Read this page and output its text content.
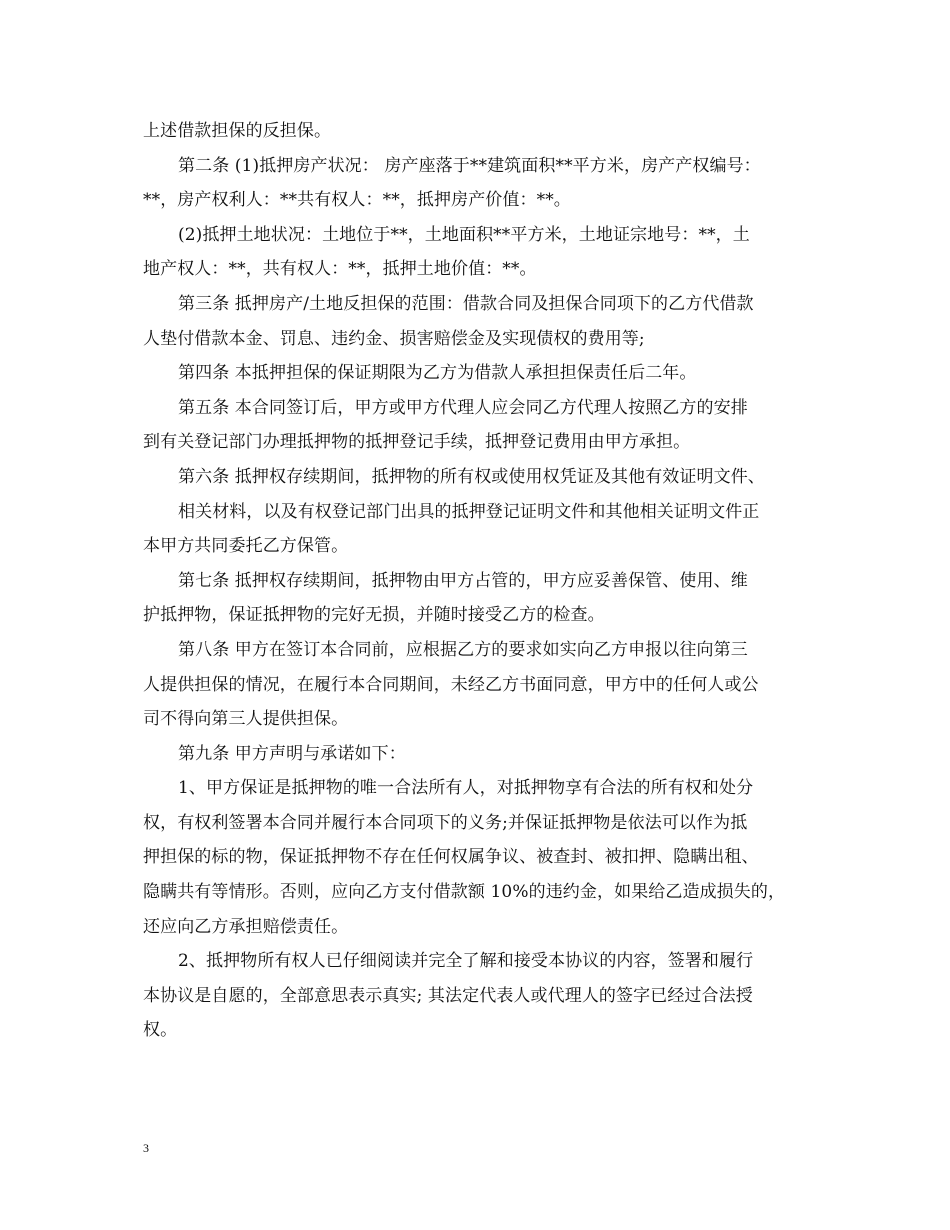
上述借款担保的反担保。
第二条 (1)抵押房产状况： 房产座落于**建筑面积**平方米，房产产权编号：
**，房产权利人：**共有权人：**，抵押房产价值：**。
(2)抵押土地状况：土地位于**，土地面积**平方米，土地证宗地号：**，土
地产权人：**，共有权人：**，抵押土地价值：**。
第三条 抵押房产/土地反担保的范围：借款合同及担保合同项下的乙方代借款
人垫付借款本金、罚息、违约金、损害赔偿金及实现债权的费用等;
第四条 本抵押担保的保证期限为乙方为借款人承担担保责任后二年。
第五条 本合同签订后，甲方或甲方代理人应会同乙方代理人按照乙方的安排
到有关登记部门办理抵押物的抵押登记手续，抵押登记费用由甲方承担。
第六条 抵押权存续期间，抵押物的所有权或使用权凭证及其他有效证明文件、
相关材料，以及有权登记部门出具的抵押登记证明文件和其他相关证明文件正
本甲方共同委托乙方保管。
第七条 抵押权存续期间，抵押物由甲方占管的，甲方应妥善保管、使用、维
护抵押物，保证抵押物的完好无损，并随时接受乙方的检查。
第八条 甲方在签订本合同前，应根据乙方的要求如实向乙方申报以往向第三
人提供担保的情况，在履行本合同期间，未经乙方书面同意，甲方中的任何人或公
司不得向第三人提供担保。
第九条 甲方声明与承诺如下：
1、甲方保证是抵押物的唯一合法所有人，对抵押物享有合法的所有权和处分
权，有权利签署本合同并履行本合同项下的义务;并保证抵押物是依法可以作为抵
押担保的标的物，保证抵押物不存在任何权属争议、被查封、被扣押、隐瞒出租、
隐瞒共有等情形。否则，应向乙方支付借款额 10%的违约金，如果给乙造成损失的，
还应向乙方承担赔偿责任。
2、抵押物所有权人已仔细阅读并完全了解和接受本协议的内容，签署和履行
本协议是自愿的，全部意思表示真实; 其法定代表人或代理人的签字已经过合法授
权。
3
